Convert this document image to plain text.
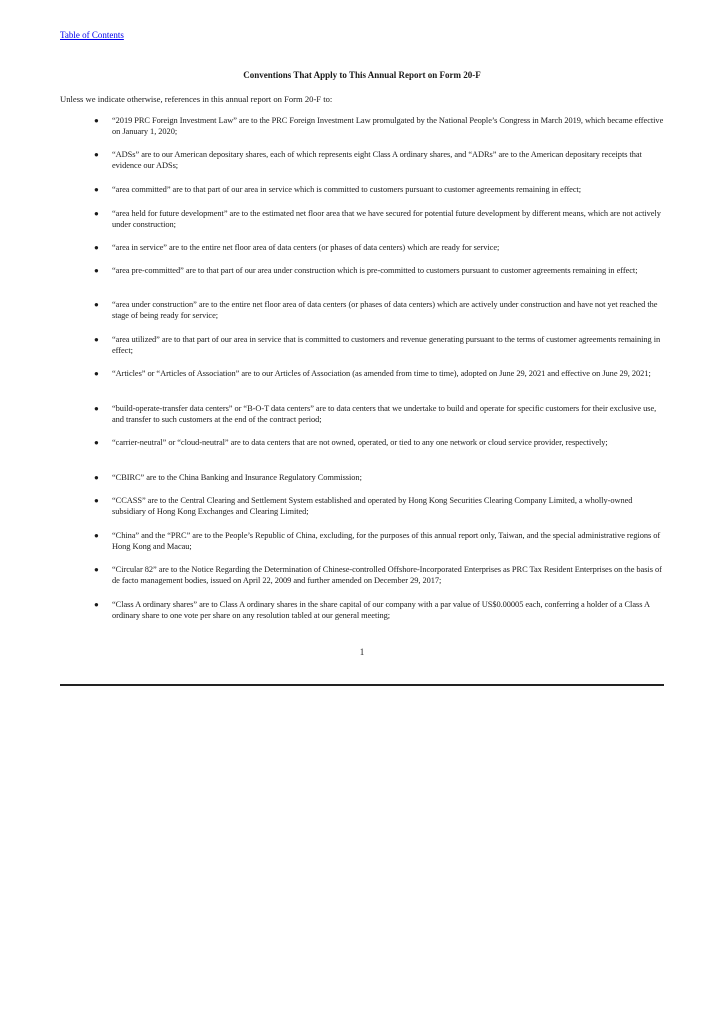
Table of Contents
Conventions That Apply to This Annual Report on Form 20-F
Unless we indicate otherwise, references in this annual report on Form 20-F to:
● “2019 PRC Foreign Investment Law” are to the PRC Foreign Investment Law promulgated by the National People’s Congress in March 2019, which became effective on January 1, 2020;
● “ADSs” are to our American depositary shares, each of which represents eight Class A ordinary shares, and “ADRs” are to the American depositary receipts that evidence our ADSs;
● “area committed” are to that part of our area in service which is committed to customers pursuant to customer agreements remaining in effect;
● “area held for future development” are to the estimated net floor area that we have secured for potential future development by different means, which are not actively under construction;
● “area in service” are to the entire net floor area of data centers (or phases of data centers) which are ready for service;
● “area pre-committed” are to that part of our area under construction which is pre-committed to customers pursuant to customer agreements remaining in effect;
● “area under construction” are to the entire net floor area of data centers (or phases of data centers) which are actively under construction and have not yet reached the stage of being ready for service;
● “area utilized” are to that part of our area in service that is committed to customers and revenue generating pursuant to the terms of customer agreements remaining in effect;
● “Articles” or “Articles of Association” are to our Articles of Association (as amended from time to time), adopted on June 29, 2021 and effective on June 29, 2021;
● “build-operate-transfer data centers” or “B-O-T data centers” are to data centers that we undertake to build and operate for specific customers for their exclusive use, and transfer to such customers at the end of the contract period;
● “carrier-neutral” or “cloud-neutral” are to data centers that are not owned, operated, or tied to any one network or cloud service provider, respectively;
● “CBIRC” are to the China Banking and Insurance Regulatory Commission;
● “CCASS” are to the Central Clearing and Settlement System established and operated by Hong Kong Securities Clearing Company Limited, a wholly-owned subsidiary of Hong Kong Exchanges and Clearing Limited;
● “China” and the “PRC” are to the People’s Republic of China, excluding, for the purposes of this annual report only, Taiwan, and the special administrative regions of Hong Kong and Macau;
● “Circular 82” are to the Notice Regarding the Determination of Chinese-controlled Offshore-Incorporated Enterprises as PRC Tax Resident Enterprises on the basis of de facto management bodies, issued on April 22, 2009 and further amended on December 29, 2017;
● “Class A ordinary shares” are to Class A ordinary shares in the share capital of our company with a par value of US$0.00005 each, conferring a holder of a Class A ordinary share to one vote per share on any resolution tabled at our general meeting;
1
